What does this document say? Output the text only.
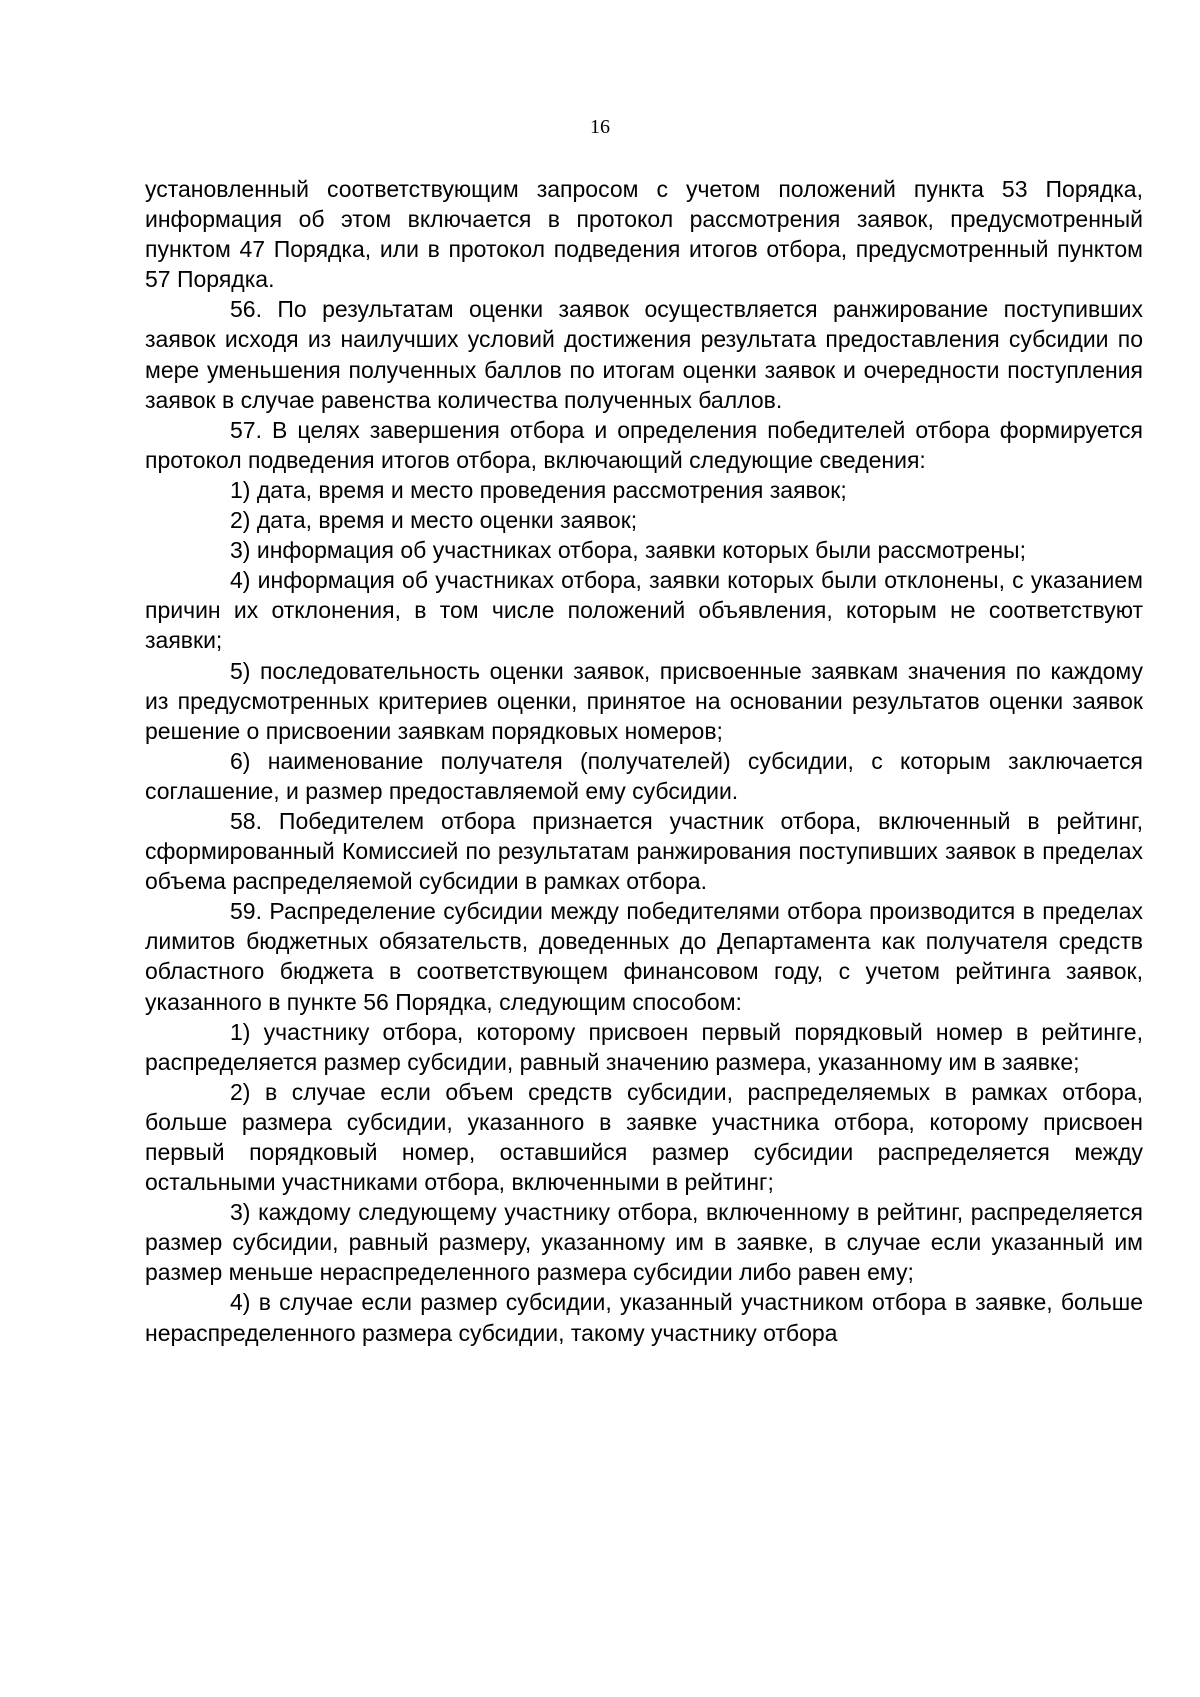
16

установленный соответствующим запросом с учетом положений пункта 53 Порядка, информация об этом включается в протокол рассмотрения заявок, предусмотренный пунктом 47 Порядка, или в протокол подведения итогов отбора, предусмотренный пунктом 57 Порядка.

56. По результатам оценки заявок осуществляется ранжирование поступивших заявок исходя из наилучших условий достижения результата предоставления субсидии по мере уменьшения полученных баллов по итогам оценки заявок и очередности поступления заявок в случае равенства количества полученных баллов.

57. В целях завершения отбора и определения победителей отбора формируется протокол подведения итогов отбора, включающий следующие сведения:

1) дата, время и место проведения рассмотрения заявок;

2) дата, время и место оценки заявок;

3) информация об участниках отбора, заявки которых были рассмотрены;

4) информация об участниках отбора, заявки которых были отклонены, с указанием причин их отклонения, в том числе положений объявления, которым не соответствуют заявки;

5) последовательность оценки заявок, присвоенные заявкам значения по каждому из предусмотренных критериев оценки, принятое на основании результатов оценки заявок решение о присвоении заявкам порядковых номеров;

6) наименование получателя (получателей) субсидии, с которым заключается соглашение, и размер предоставляемой ему субсидии.

58. Победителем отбора признается участник отбора, включенный в рейтинг, сформированный Комиссией по результатам ранжирования поступивших заявок в пределах объема распределяемой субсидии в рамках отбора.

59. Распределение субсидии между победителями отбора производится в пределах лимитов бюджетных обязательств, доведенных до Департамента как получателя средств областного бюджета в соответствующем финансовом году, с учетом рейтинга заявок, указанного в пункте 56 Порядка, следующим способом:

1) участнику отбора, которому присвоен первый порядковый номер в рейтинге, распределяется размер субсидии, равный значению размера, указанному им в заявке;

2) в случае если объем средств субсидии, распределяемых в рамках отбора, больше размера субсидии, указанного в заявке участника отбора, которому присвоен первый порядковый номер, оставшийся размер субсидии распределяется между остальными участниками отбора, включенными в рейтинг;

3) каждому следующему участнику отбора, включенному в рейтинг, распределяется размер субсидии, равный размеру, указанному им в заявке, в случае если указанный им размер меньше нераспределенного размера субсидии либо равен ему;

4) в случае если размер субсидии, указанный участником отбора в заявке, больше нераспределенного размера субсидии, такому участнику отбора
